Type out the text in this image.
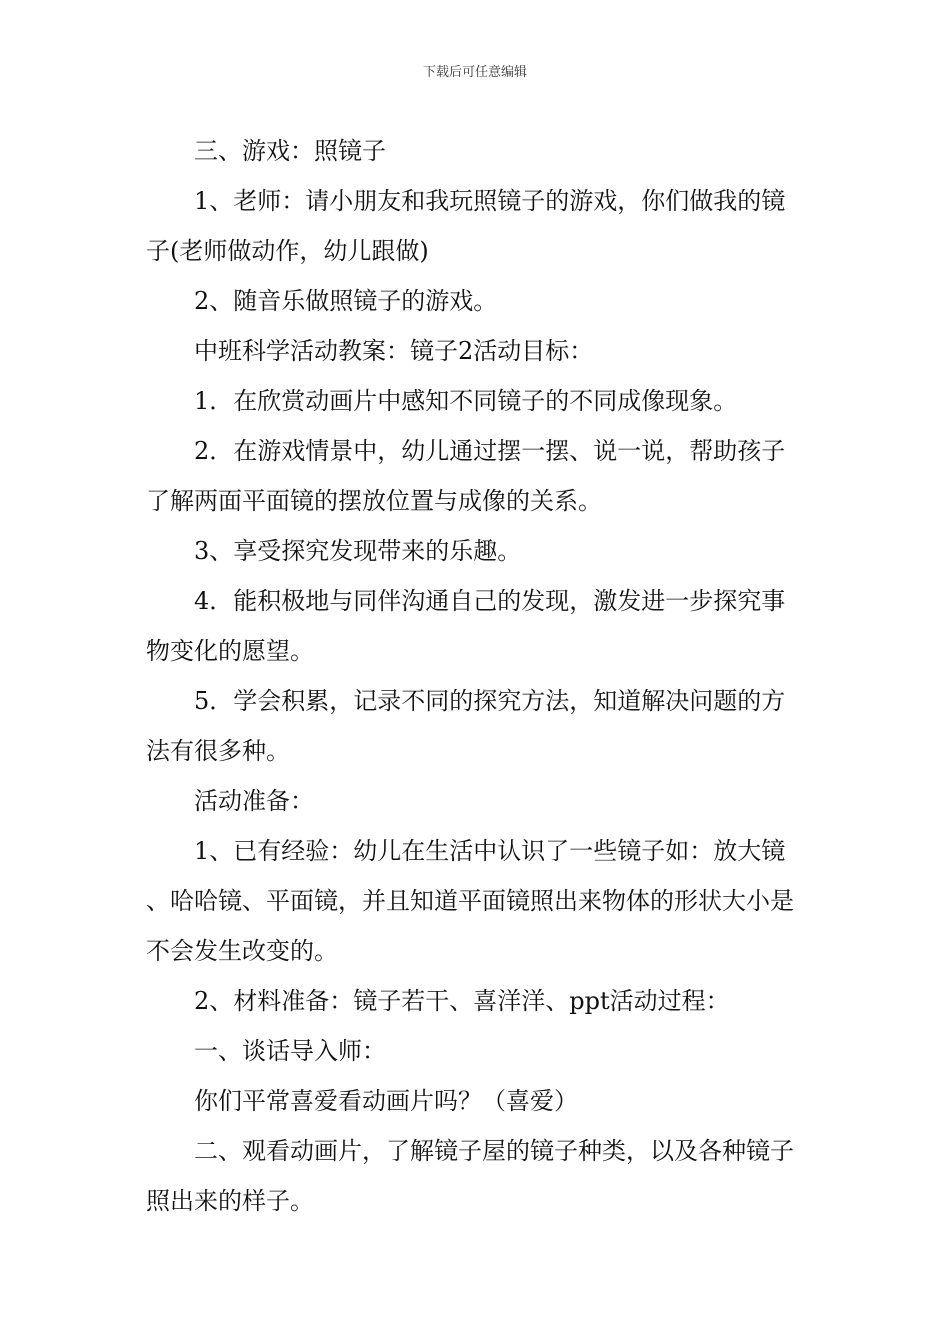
下载后可任意编辑

三、游戏：照镜子

1、老师：请小朋友和我玩照镜子的游戏，你们做我的镜子(老师做动作，幼儿跟做)

2、随音乐做照镜子的游戏。

中班科学活动教案：镜子2活动目标：

1．在欣赏动画片中感知不同镜子的不同成像现象。

2．在游戏情景中，幼儿通过摆一摆、说一说，帮助孩子了解两面平面镜的摆放位置与成像的关系。

3、享受探究发现带来的乐趣。

4．能积极地与同伴沟通自己的发现，激发进一步探究事物变化的愿望。

5．学会积累，记录不同的探究方法，知道解决问题的方法有很多种。

活动准备：

1、已有经验：幼儿在生活中认识了一些镜子如：放大镜、哈哈镜、平面镜，并且知道平面镜照出来物体的形状大小是不会发生改变的。

2、材料准备：镜子若干、喜洋洋、ppt活动过程：

一、谈话导入师：

你们平常喜爱看动画片吗？（喜爱）

二、观看动画片，了解镜子屋的镜子种类，以及各种镜子照出来的样子。
